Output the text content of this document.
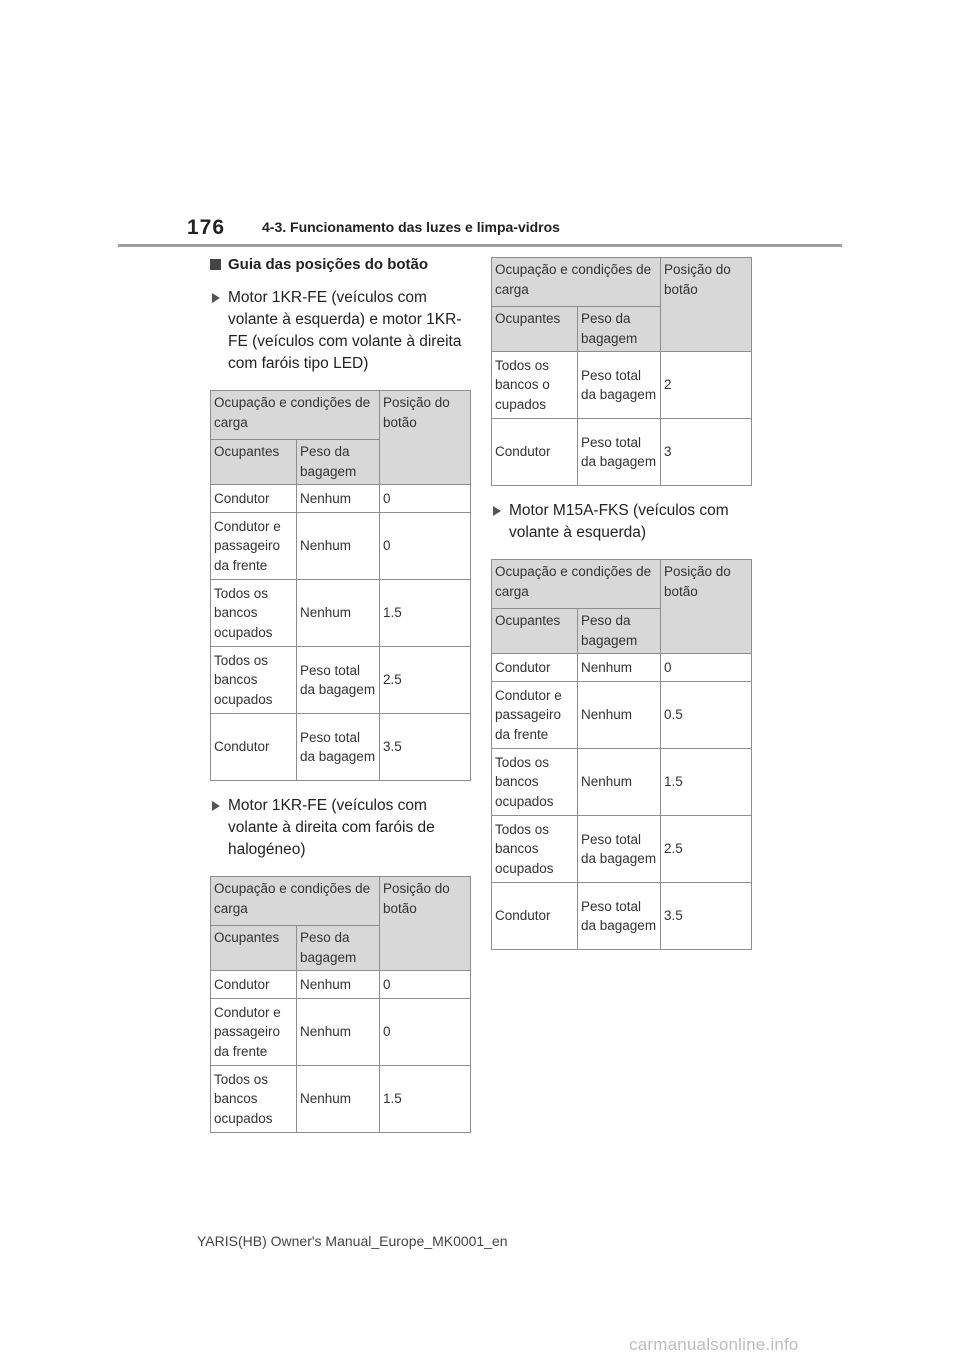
176	4-3. Funcionamento das luzes e limpa-vidros
Guia das posições do botão
Motor 1KR-FE (veículos com volante à esquerda) e motor 1KR-FE (veículos com volante à direita com faróis tipo LED)
Ocupação e condições de carga		Posição do botão
Ocupantes	Peso da bagagem	
Condutor	Nenhum	0
Condutor e passageiro da frente	Nenhum	0
Todos os bancos ocupados	Nenhum	1.5
Todos os bancos ocupados	Peso total da bagagem	2.5
Condutor	Peso total da bagagem	3.5
Motor 1KR-FE (veículos com volante à direita com faróis de halogéneo)
Ocupação e condições de carga		Posição do botão
Ocupantes	Peso da bagagem	
Condutor	Nenhum	0
Condutor e passageiro da frente	Nenhum	0
Todos os bancos ocupados	Nenhum	1.5
Ocupação e condições de carga		Posição do botão
Ocupantes	Peso da bagagem	
Todos os bancos o cupados	Peso total da bagagem	2
Condutor	Peso total da bagagem	3
Motor M15A-FKS (veículos com volante à esquerda)
Ocupação e condições de carga		Posição do botão
Ocupantes	Peso da bagagem	
Condutor	Nenhum	0
Condutor e passageiro da frente	Nenhum	0.5
Todos os bancos ocupados	Nenhum	1.5
Todos os bancos ocupados	Peso total da bagagem	2.5
Condutor	Peso total da bagagem	3.5
YARIS(HB) Owner's Manual_Europe_MK0001_en
carmanualsonline.info
